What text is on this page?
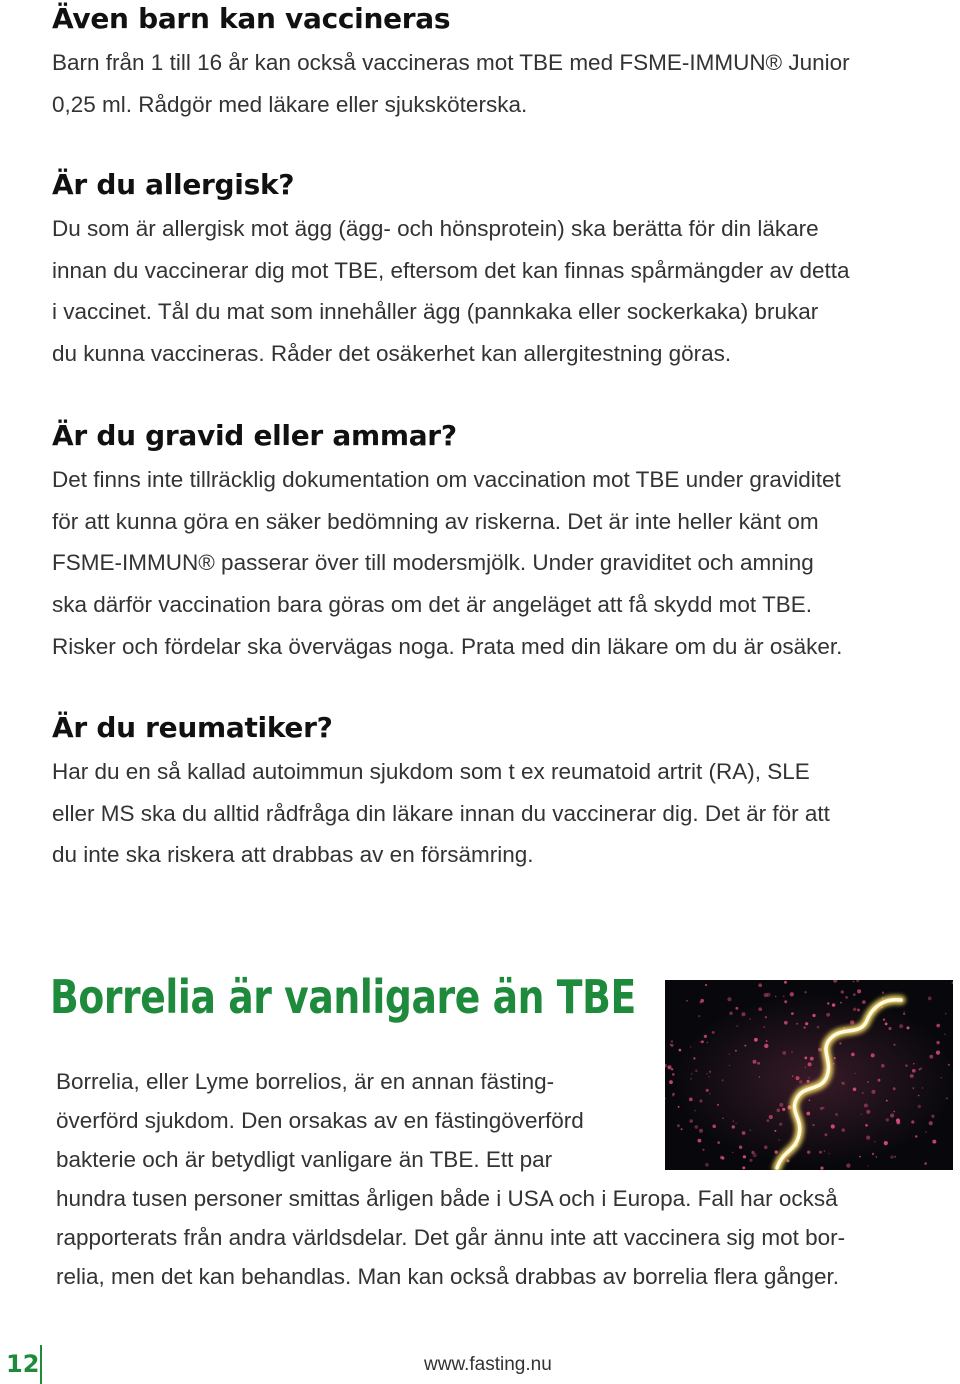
Även barn kan vaccineras

Barn från 1 till 16 år kan också vaccineras mot TBE med FSME-IMMUN® Junior

0,25 ml. Rådgör med läkare eller sjuksköterska.

Är du allergisk?

Du som är allergisk mot ägg (ägg- och hönsprotein) ska berätta för din läkare

innan du vaccinerar dig mot TBE, eftersom det kan finnas spårmängder av detta

i vaccinet. Tål du mat som innehåller ägg (pannkaka eller sockerkaka) brukar

du kunna vaccineras. Råder det osäkerhet kan allergitestning göras.

Är du gravid eller ammar?

Det finns inte tillräcklig dokumentation om vaccination mot TBE under graviditet

för att kunna göra en säker bedömning av riskerna. Det är inte heller känt om

FSME-IMMUN® passerar över till modersmjölk. Under graviditet och amning

ska därför vaccination bara göras om det är angeläget att få skydd mot TBE.

Risker och fördelar ska övervägas noga. Prata med din läkare om du är osäker.

Är du reumatiker?

Har du en så kallad autoimmun sjukdom som t ex reumatoid artrit (RA), SLE

eller MS ska du alltid rådfråga din läkare innan du vaccinerar dig. Det är för att

du inte ska riskera att drabbas av en försämring.

Borrelia är vanligare än TBE

Borrelia, eller Lyme borrelios, är en annan fästing-

överförd sjukdom. Den orsakas av en fästingöverförd

bakterie och är betydligt vanligare än TBE. Ett par

hundra tusen personer smittas årligen både i USA och i Europa. Fall har också

rapporterats från andra världsdelar. Det går ännu inte att vaccinera sig mot bor-

relia, men det kan behandlas. Man kan också drabbas av borrelia flera gånger.

12	www.fasting.nu
